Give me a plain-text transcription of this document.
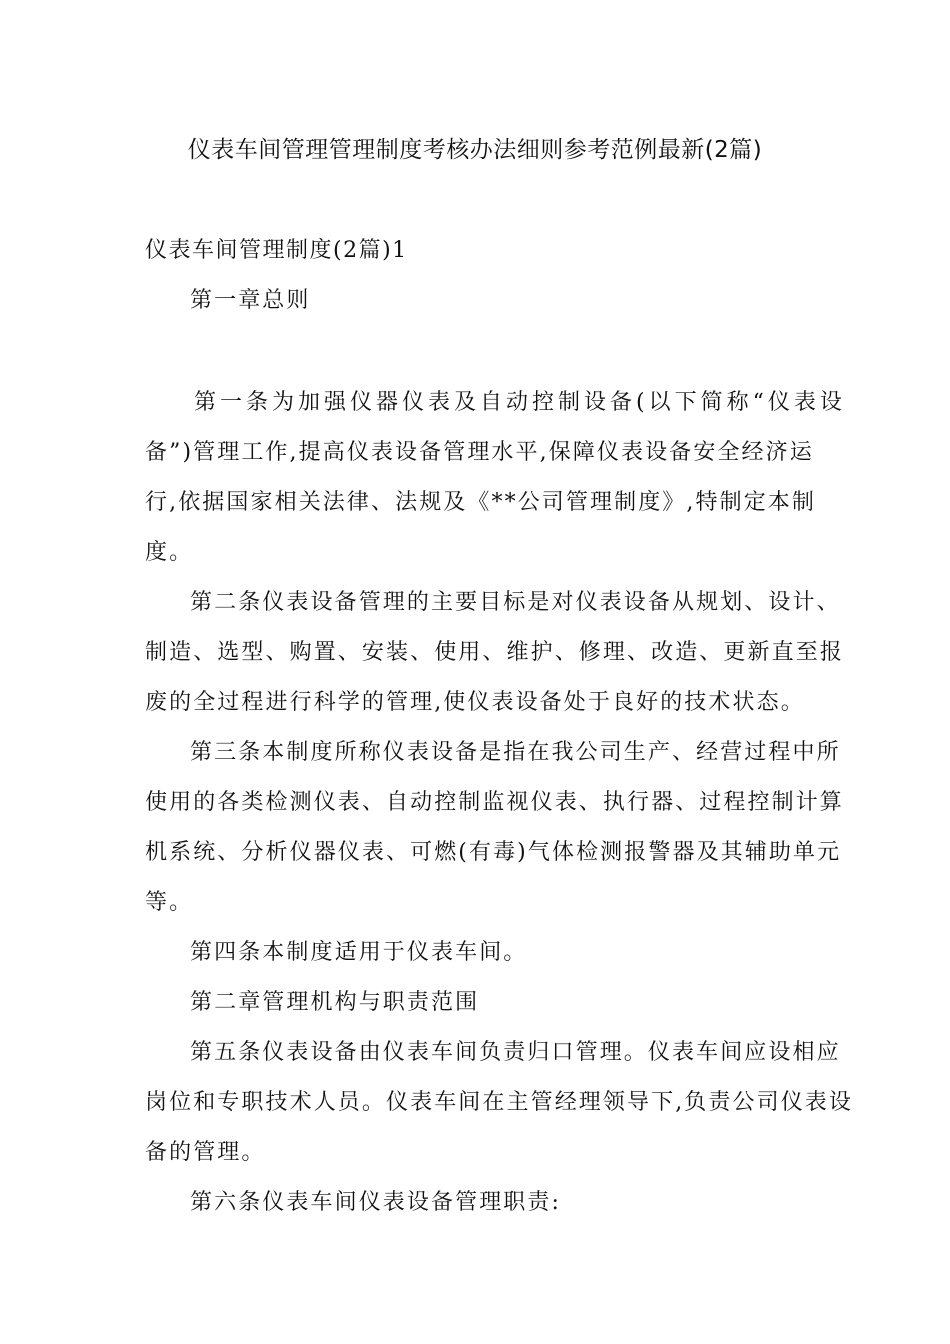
仪表车间管理管理制度考核办法细则参考范例最新(2篇)
仪表车间管理制度(2篇)1
第一章总则
第一条为加强仪器仪表及自动控制设备(以下简称“仪表设
备”)管理工作,提高仪表设备管理水平,保障仪表设备安全经济运
行,依据国家相关法律、法规及《**公司管理制度》,特制定本制
度。
第二条仪表设备管理的主要目标是对仪表设备从规划、设计、
制造、选型、购置、安装、使用、维护、修理、改造、更新直至报
废的全过程进行科学的管理,使仪表设备处于良好的技术状态。
第三条本制度所称仪表设备是指在我公司生产、经营过程中所
使用的各类检测仪表、自动控制监视仪表、执行器、过程控制计算
机系统、分析仪器仪表、可燃(有毒)气体检测报警器及其辅助单元
等。
第四条本制度适用于仪表车间。
第二章管理机构与职责范围
第五条仪表设备由仪表车间负责归口管理。仪表车间应设相应
岗位和专职技术人员。仪表车间在主管经理领导下,负责公司仪表设
备的管理。
第六条仪表车间仪表设备管理职责:
